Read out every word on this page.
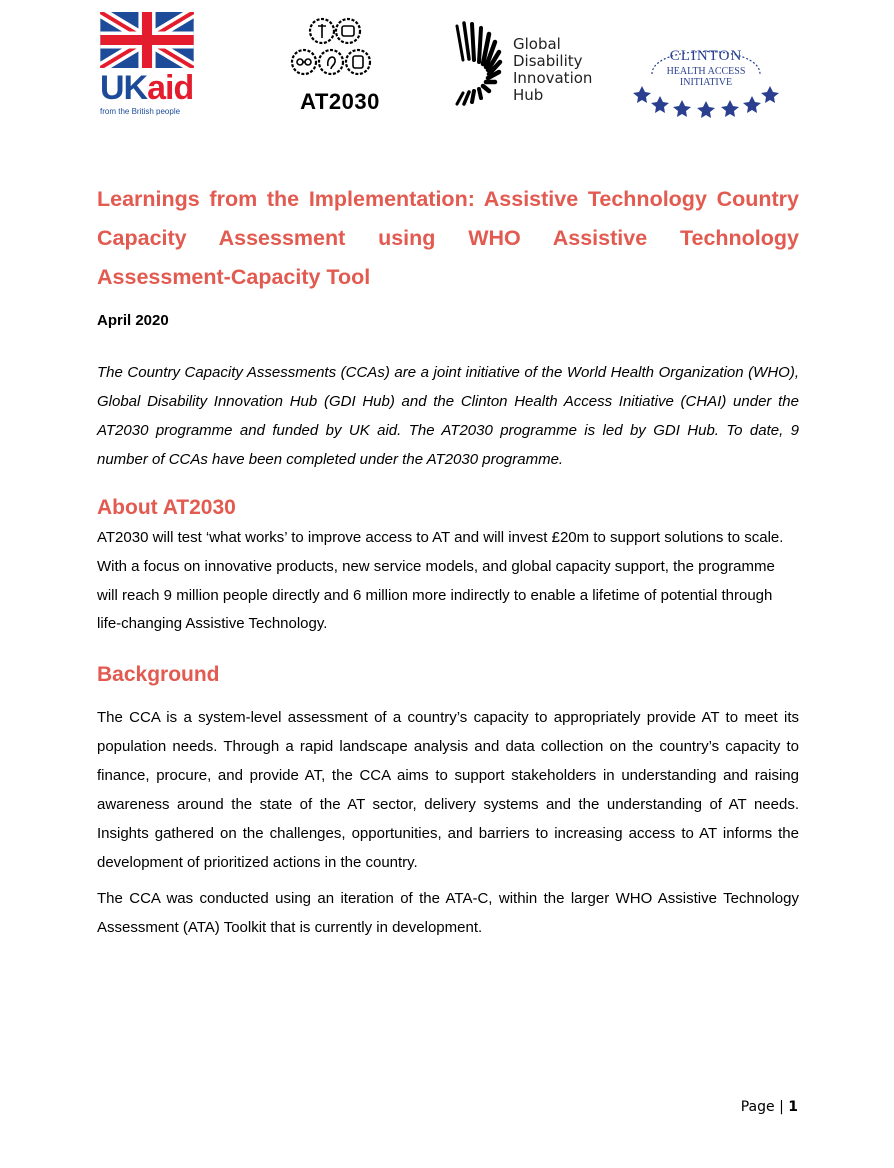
UKaid
from the British people	AT2030
Global
Disability
Innovation
Hub
CLINTON
HEALTH ACCESS
INITIATIVE
Learnings from the Implementation: Assistive Technology Country Capacity Assessment using WHO Assistive Technology Assessment-Capacity Tool
April 2020

The Country Capacity Assessments (CCAs) are a joint initiative of the World Health Organization (WHO), Global Disability Innovation Hub (GDI Hub) and the Clinton Health Access Initiative (CHAI) under the AT2030 programme and funded by UK aid. The AT2030 programme is led by GDI Hub. To date, 9 number of CCAs have been completed under the AT2030 programme.

About AT2030

AT2030 will test ‘what works’ to improve access to AT and will invest £20m to support solutions to scale. With a focus on innovative products, new service models, and global capacity support, the programme will reach 9 million people directly and 6 million more indirectly to enable a lifetime of potential through life-changing Assistive Technology.

Background

The CCA is a system-level assessment of a country’s capacity to appropriately provide AT to meet its population needs. Through a rapid landscape analysis and data collection on the country’s capacity to finance, procure, and provide AT, the CCA aims to support stakeholders in understanding and raising awareness around the state of the AT sector, delivery systems and the understanding of AT needs. Insights gathered on the challenges, opportunities, and barriers to increasing access to AT informs the development of prioritized actions in the country.

The CCA was conducted using an iteration of the ATA-C, within the larger WHO Assistive Technology Assessment (ATA) Toolkit that is currently in development.

Page | 1
